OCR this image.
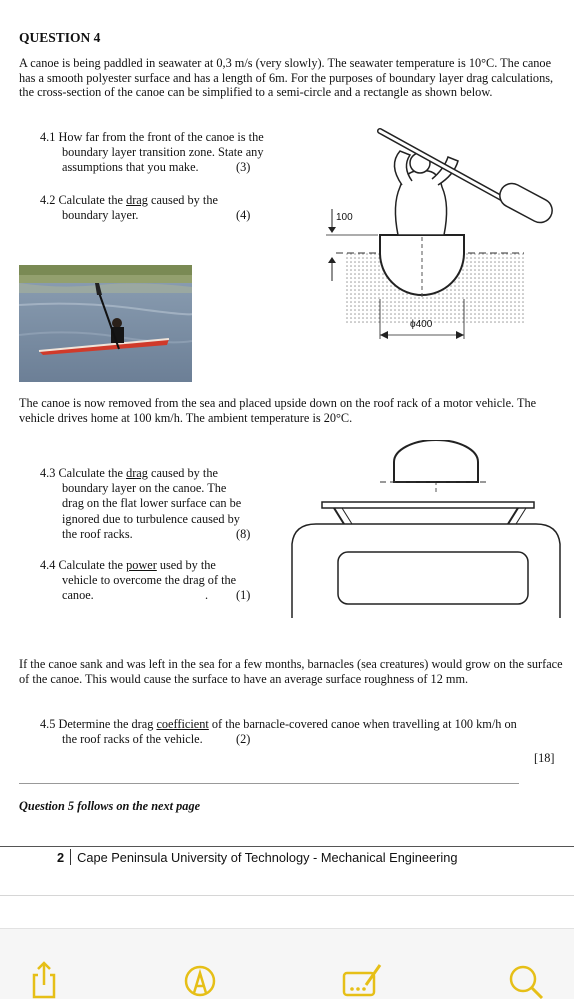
QUESTION 4
A canoe is being paddled in seawater at 0,3 m/s (very slowly). The seawater temperature is 10°C. The canoe has a smooth polyester surface and has a length of 6m. For the purposes of boundary layer drag calculations, the cross-section of the canoe can be simplified to a semi-circle and a rectangle as shown below.
4.1 How far from the front of the canoe is the
boundary layer transition zone. State any
assumptions that you make.	(3)
4.2 Calculate the drag caused by the
boundary layer.	(4)	100
ϕ400
The canoe is now removed from the sea and placed upside down on the roof rack of a motor vehicle. The vehicle drives home at 100 km/h. The ambient temperature is 20°C.
4.3 Calculate the drag caused by the
boundary layer on the canoe. The
drag on the flat lower surface can be
ignored due to turbulence caused by
the roof racks.	(8)
4.4 Calculate the power used by the
vehicle to overcome the drag of the
canoe.	. (1)
If the canoe sank and was left in the sea for a few months, barnacles (sea creatures) would grow on the surface of the canoe. This would cause the surface to have an average surface roughness of 12 mm.
4.5 Determine the drag coefficient of the barnacle-covered canoe when travelling at 100 km/h on
the roof racks of the vehicle.	(2)
[18]
Question 5 follows on the next page
2 Cape Peninsula University of Technology - Mechanical Engineering
